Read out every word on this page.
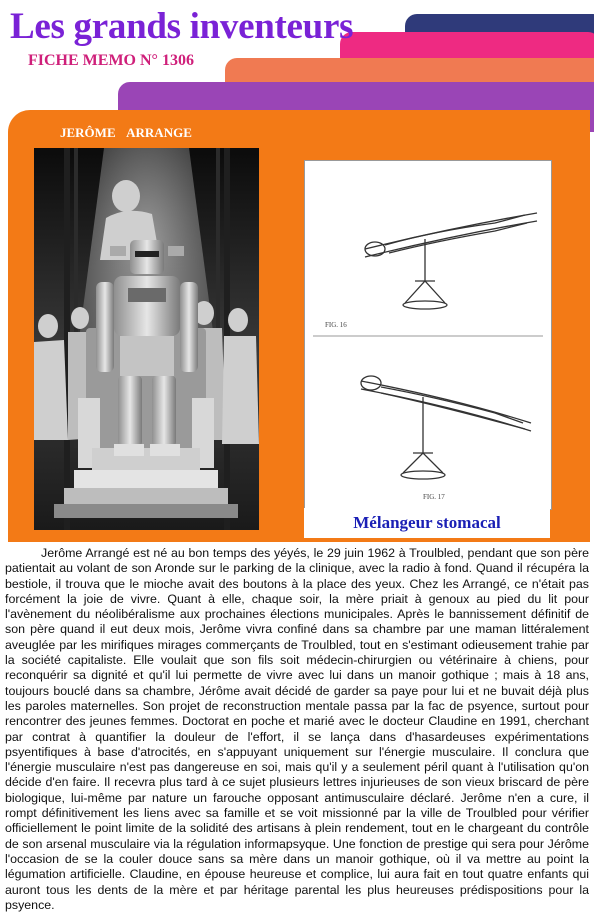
Les grands inventeurs
FICHE MEMO N° 1306
JERÔME ARRANGE
FIG. 16
FIG. 17
Mélangeur stomacal

Jerôme Arrangé est né au bon temps des yéyés, le 29 juin 1962 à Troulbled, pendant que son père patientait au volant de son Aronde sur le parking de la clinique, avec la radio à fond. Quand il récupéra la bestiole, il trouva que le mioche avait des boutons à la place des yeux. Chez les Arrangé, ce n'était pas forcément la joie de vivre. Quant à elle, chaque soir, la mère priait à genoux au pied du lit pour l'avènement du néolibéralisme aux prochaines élections municipales. Après le bannissement définitif de son père quand il eut deux mois, Jerôme vivra confiné dans sa chambre par une maman littéralement aveuglée par les mirifiques mirages commerçants de Troulbled, tout en s'estimant odieusement trahie par la société capitaliste. Elle voulait que son fils soit médecin-chirurgien ou vétérinaire à chiens, pour reconquérir sa dignité et qu'il lui permette de vivre avec lui dans un manoir gothique ; mais à 18 ans, toujours bouclé dans sa chambre, Jérôme avait décidé de garder sa paye pour lui et ne buvait déjà plus les paroles maternelles. Son projet de reconstruction mentale passa par la fac de psyence, surtout pour rencontrer des jeunes femmes. Doctorat en poche et marié avec le docteur Claudine en 1991, cherchant par contrat à quantifier la douleur de l'effort, il se lança dans d'hasardeuses expérimentations psyentifiques à base d'atrocités, en s'appuyant uniquement sur l'énergie musculaire. Il conclura que l'énergie musculaire n'est pas dangereuse en soi, mais qu'il y a seulement péril quant à l'utilisation qu'on décide d'en faire. Il recevra plus tard à ce sujet plusieurs lettres injurieuses de son vieux briscard de père biologique, lui-même par nature un farouche opposant antimusculaire déclaré. Jerôme n'en a cure, il rompt définitivement les liens avec sa famille et se voit missionné par la ville de Troulbled pour vérifier officiellement le point limite de la solidité des artisans à plein rendement, tout en le chargeant du contrôle de son arsenal musculaire via la régulation informapsyque. Une fonction de prestige qui sera pour Jérôme l'occasion de se la couler douce sans sa mère dans un manoir gothique, où il va mettre au point la légumation artificielle. Claudine, en épouse heureuse et complice, lui aura fait en tout quatre enfants qui auront tous les dents de la mère et par héritage parental les plus heureuses prédispositions pour la psyence.
